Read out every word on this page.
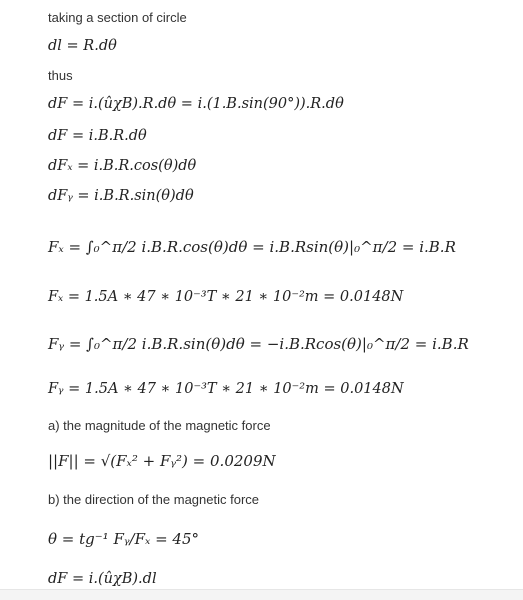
taking a section of circle
dl = R.dθ
thus
dF = i.(ûχB).R.dθ = i.(1.B.sin(90°)).R.dθ
dF = i.B.R.dθ
dFₓ = i.B.R.cos(θ)dθ
dFᵧ = i.B.R.sin(θ)dθ
Fₓ = ∫₀^π/2 i.B.R.cos(θ)dθ = i.B.Rsin(θ)|₀^π/2 = i.B.R
Fₓ = 1.5A ∗ 47 ∗ 10⁻³T ∗ 21 ∗ 10⁻²m = 0.0148N
Fᵧ = ∫₀^π/2 i.B.R.sin(θ)dθ = −i.B.Rcos(θ)|₀^π/2 = i.B.R
Fᵧ = 1.5A ∗ 47 ∗ 10⁻³T ∗ 21 ∗ 10⁻²m = 0.0148N
a) the magnitude of the magnetic force
||F|| = √(Fₓ² + Fᵧ²) = 0.0209N
b) the direction of the magnetic force
θ = tg⁻¹ Fᵧ/Fₓ = 45°
dF = i.(ûχB).dl
